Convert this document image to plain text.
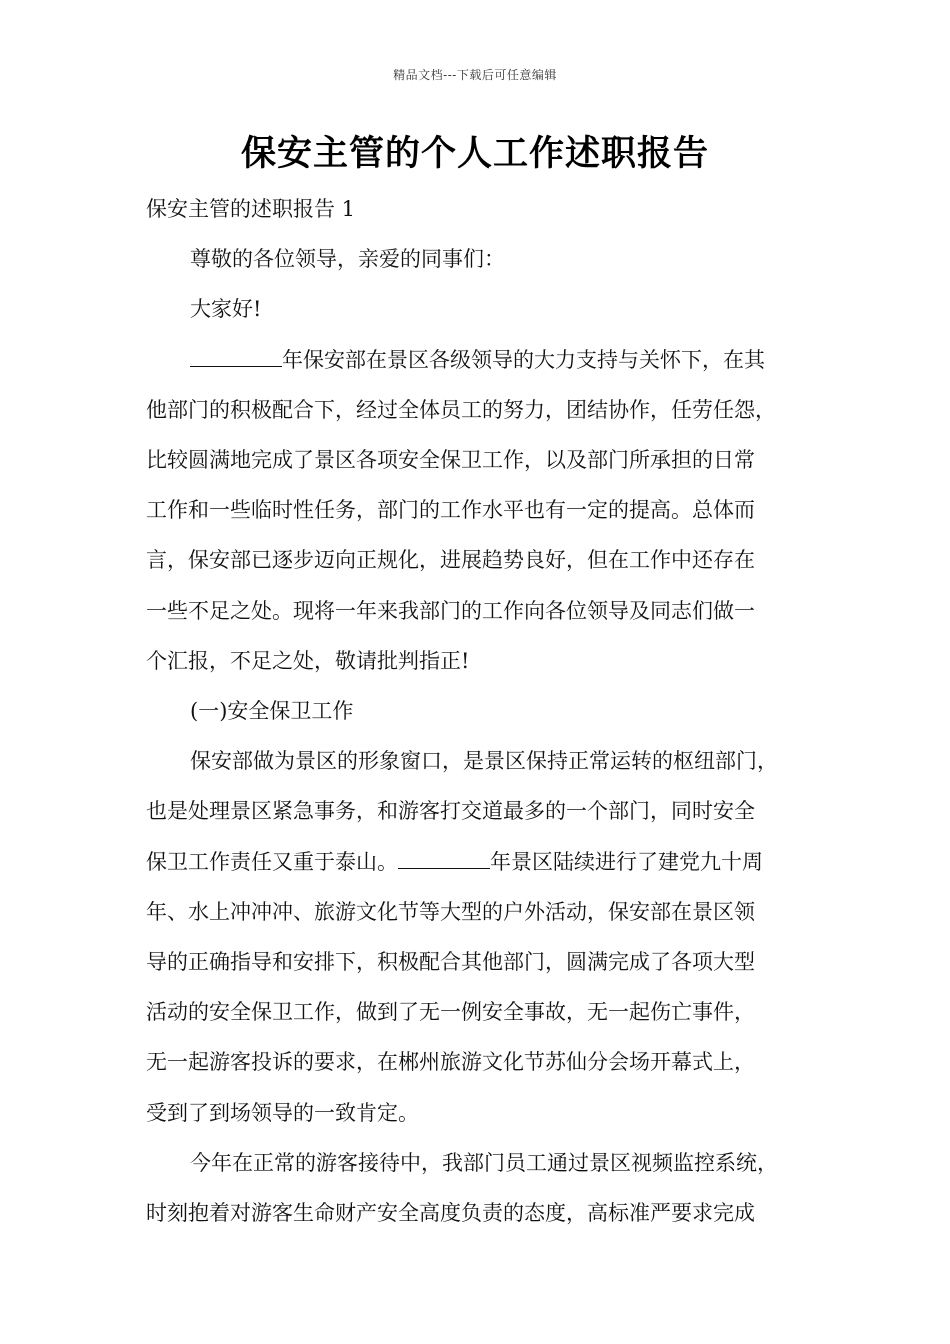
精品文档---下载后可任意编辑
保安主管的个人工作述职报告

保安主管的述职报告 1

尊敬的各位领导，亲爱的同事们：

大家好!

年保安部在景区各级领导的大力支持与关怀下，在其

他部门的积极配合下，经过全体员工的努力，团结协作，任劳任怨，

比较圆满地完成了景区各项安全保卫工作，以及部门所承担的日常

工作和一些临时性任务，部门的工作水平也有一定的提高。总体而

言，保安部已逐步迈向正规化，进展趋势良好，但在工作中还存在

一些不足之处。现将一年来我部门的工作向各位领导及同志们做一

个汇报，不足之处，敬请批判指正!

(一)安全保卫工作

保安部做为景区的形象窗口，是景区保持正常运转的枢纽部门，

也是处理景区紧急事务，和游客打交道最多的一个部门，同时安全

保卫工作责任又重于泰山。	年景区陆续进行了建党九十周

年、水上冲冲冲、旅游文化节等大型的户外活动，保安部在景区领

导的正确指导和安排下，积极配合其他部门，圆满完成了各项大型

活动的安全保卫工作，做到了无一例安全事故，无一起伤亡事件，

无一起游客投诉的要求，在郴州旅游文化节苏仙分会场开幕式上，

受到了到场领导的一致肯定。

今年在正常的游客接待中，我部门员工通过景区视频监控系统，

时刻抱着对游客生命财产安全高度负责的态度，高标准严要求完成
